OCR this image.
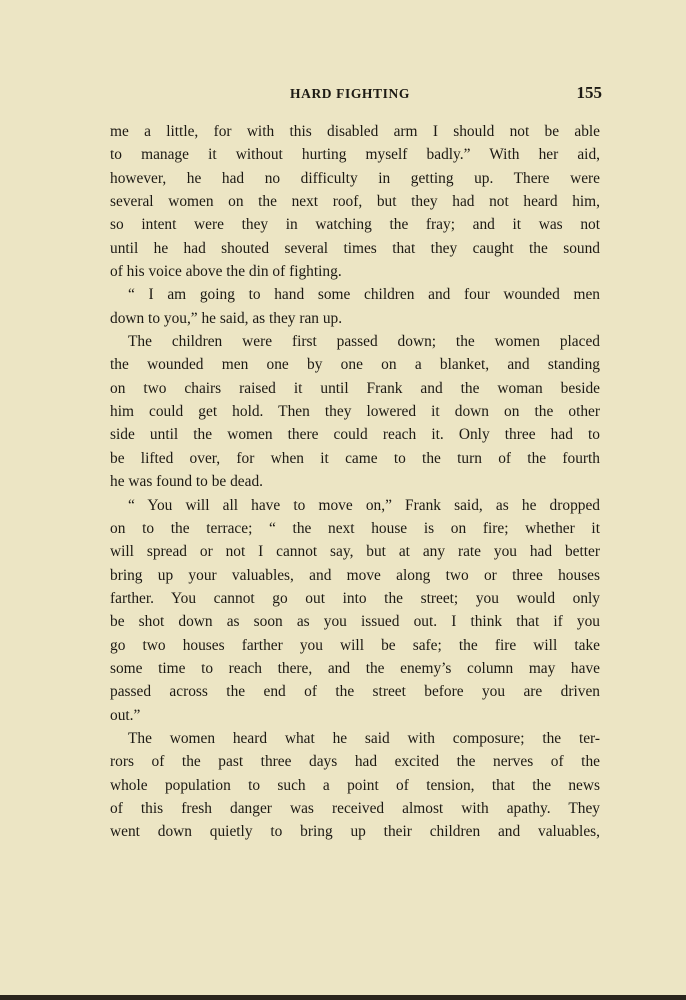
HARD FIGHTING	155
me a little, for with this disabled arm I should not be able
to manage it without hurting myself badly.” With her aid,
however, he had no difficulty in getting up. There were
several women on the next roof, but they had not heard him,
so intent were they in watching the fray; and it was not
until he had shouted several times that they caught the sound
of his voice above the din of fighting.
“ I am going to hand some children and four wounded men
down to you,” he said, as they ran up.
The children were first passed down; the women placed
the wounded men one by one on a blanket, and standing
on two chairs raised it until Frank and the woman beside
him could get hold. Then they lowered it down on the other
side until the women there could reach it. Only three had to
be lifted over, for when it came to the turn of the fourth
he was found to be dead.
“ You will all have to move on,” Frank said, as he dropped
on to the terrace; “ the next house is on fire; whether it
will spread or not I cannot say, but at any rate you had better
bring up your valuables, and move along two or three houses
farther. You cannot go out into the street; you would only
be shot down as soon as you issued out. I think that if you
go two houses farther you will be safe; the fire will take
some time to reach there, and the enemy’s column may have
passed across the end of the street before you are driven
out.”
The women heard what he said with composure; the ter-
rors of the past three days had excited the nerves of the
whole population to such a point of tension, that the news
of this fresh danger was received almost with apathy. They
went down quietly to bring up their children and valuables,
